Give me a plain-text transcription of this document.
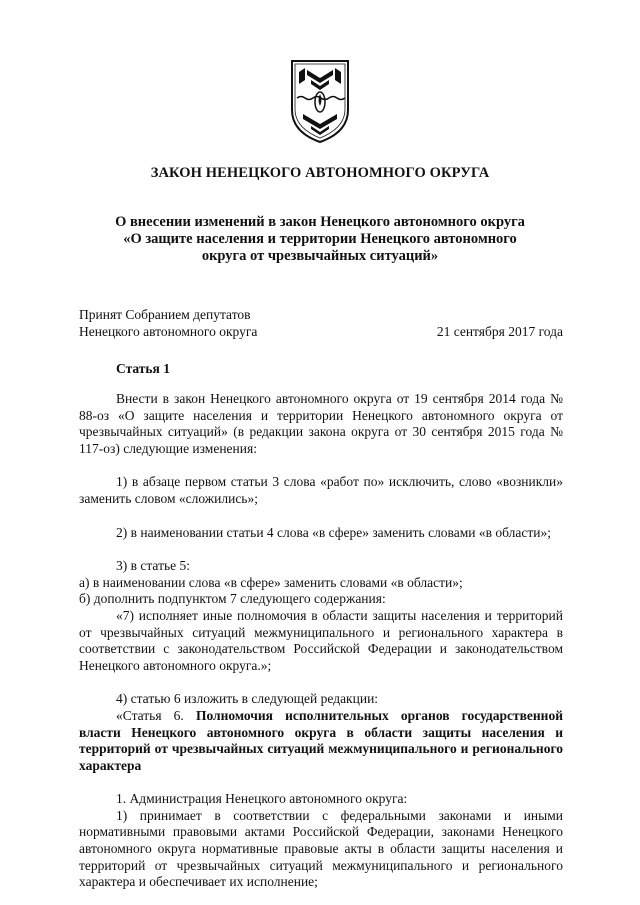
ЗАКОН НЕНЕЦКОГО АВТОНОМНОГО ОКРУГА
О внесении изменений в закон Ненецкого автономного округа
«О защите населения и территории Ненецкого автономного
округа от чрезвычайных ситуаций»
Принят Собранием депутатов
Ненецкого автономного округа	21 сентября 2017 года
Статья 1

Внести в закон Ненецкого автономного округа от 19 сентября 2014 года № 88-оз «О защите населения и территории Ненецкого автономного округа от чрезвычайных ситуаций» (в редакции закона округа от 30 сентября 2015 года № 117-оз) следующие изменения:

1) в абзаце первом статьи 3 слова «работ по» исключить, слово «возникли» заменить словом «сложились»;

2) в наименовании статьи 4 слова «в сфере» заменить словами «в области»;

3) в статье 5:

а) в наименовании слова «в сфере» заменить словами «в области»;

б) дополнить подпунктом 7 следующего содержания:

«7) исполняет иные полномочия в области защиты населения и территорий от чрезвычайных ситуаций межмуниципального и регионального характера в соответствии с законодательством Российской Федерации и законодательством Ненецкого автономного округа.»;

4) статью 6 изложить в следующей редакции:

«Статья 6. Полномочия исполнительных органов государственной власти Ненецкого автономного округа в области защиты населения и территорий от чрезвычайных ситуаций межмуниципального и регионального характера

1. Администрация Ненецкого автономного округа:

1) принимает в соответствии с федеральными законами и иными нормативными правовыми актами Российской Федерации, законами Ненецкого автономного округа нормативные правовые акты в области защиты населения и территорий от чрезвычайных ситуаций межмуниципального и регионального характера и обеспечивает их исполнение;
